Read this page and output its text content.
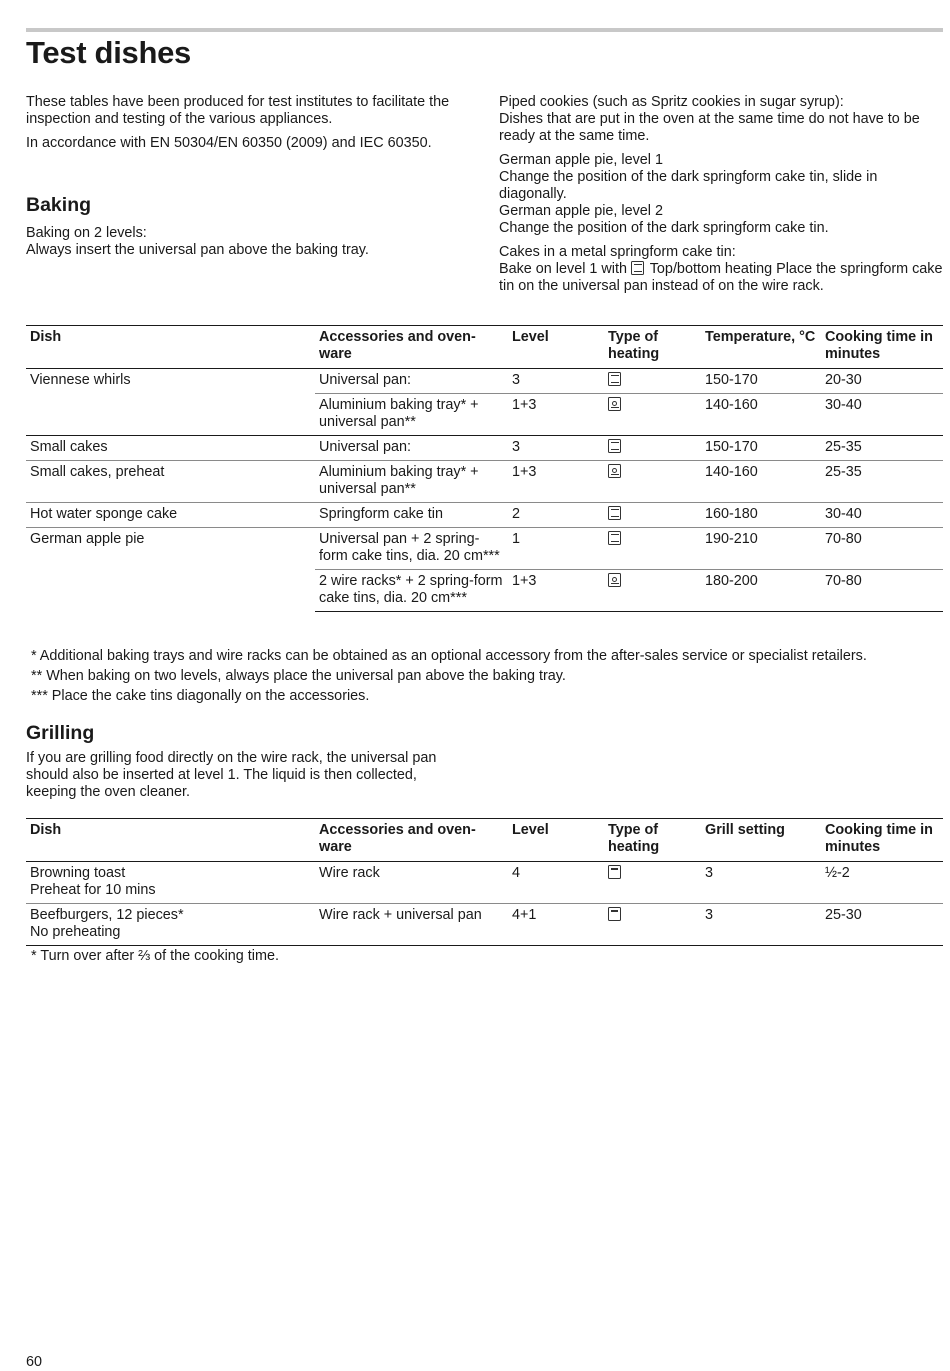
Test dishes

These tables have been produced for test institutes to facilitate the inspection and testing of the various appliances.

In accordance with EN 50304/EN 60350 (2009) and IEC 60350.

Baking
Baking on 2 levels:
Always insert the universal pan above the baking tray.

Piped cookies (such as Spritz cookies in sugar syrup):
Dishes that are put in the oven at the same time do not have to be ready at the same time.

German apple pie, level 1
Change the position of the dark springform cake tin, slide in diagonally.
German apple pie, level 2
Change the position of the dark springform cake tin.

Cakes in a metal springform cake tin:
Bake on level 1 with  Top/bottom heating Place the springform cake tin on the universal pan instead of on the wire rack.

Dish	Accessories and oven-ware	Level	Type of heating	Temperature, °C	Cooking time in minutes
Viennese whirls	Universal pan:	3		150-170	20-30
	Aluminium baking tray* + universal pan**	1+3		140-160	30-40
Small cakes	Universal pan:	3		150-170	25-35
Small cakes, preheat	Aluminium baking tray* + universal pan**	1+3		140-160	25-35
Hot water sponge cake	Springform cake tin	2		160-180	30-40
German apple pie	Universal pan + 2 spring-form cake tins, dia. 20 cm***	1		190-210	70-80
	2 wire racks* + 2 spring-form cake tins, dia. 20 cm***	1+3		180-200	70-80

* Additional baking trays and wire racks can be obtained as an optional accessory from the after-sales service or specialist retailers.

** When baking on two levels, always place the universal pan above the baking tray.

*** Place the cake tins diagonally on the accessories.

Grilling
If you are grilling food directly on the wire rack, the universal pan should also be inserted at level 1. The liquid is then collected, keeping the oven cleaner.
Dish	Accessories and oven-ware	Level	Type of heating	Grill setting	Cooking time in minutes
Browning toast
Preheat for 10 mins	Wire rack	4		3	½-2
Beefburgers, 12 pieces*
No preheating	Wire rack + universal pan	4+1		3	25-30

* Turn over after ⅔ of the cooking time.

60
